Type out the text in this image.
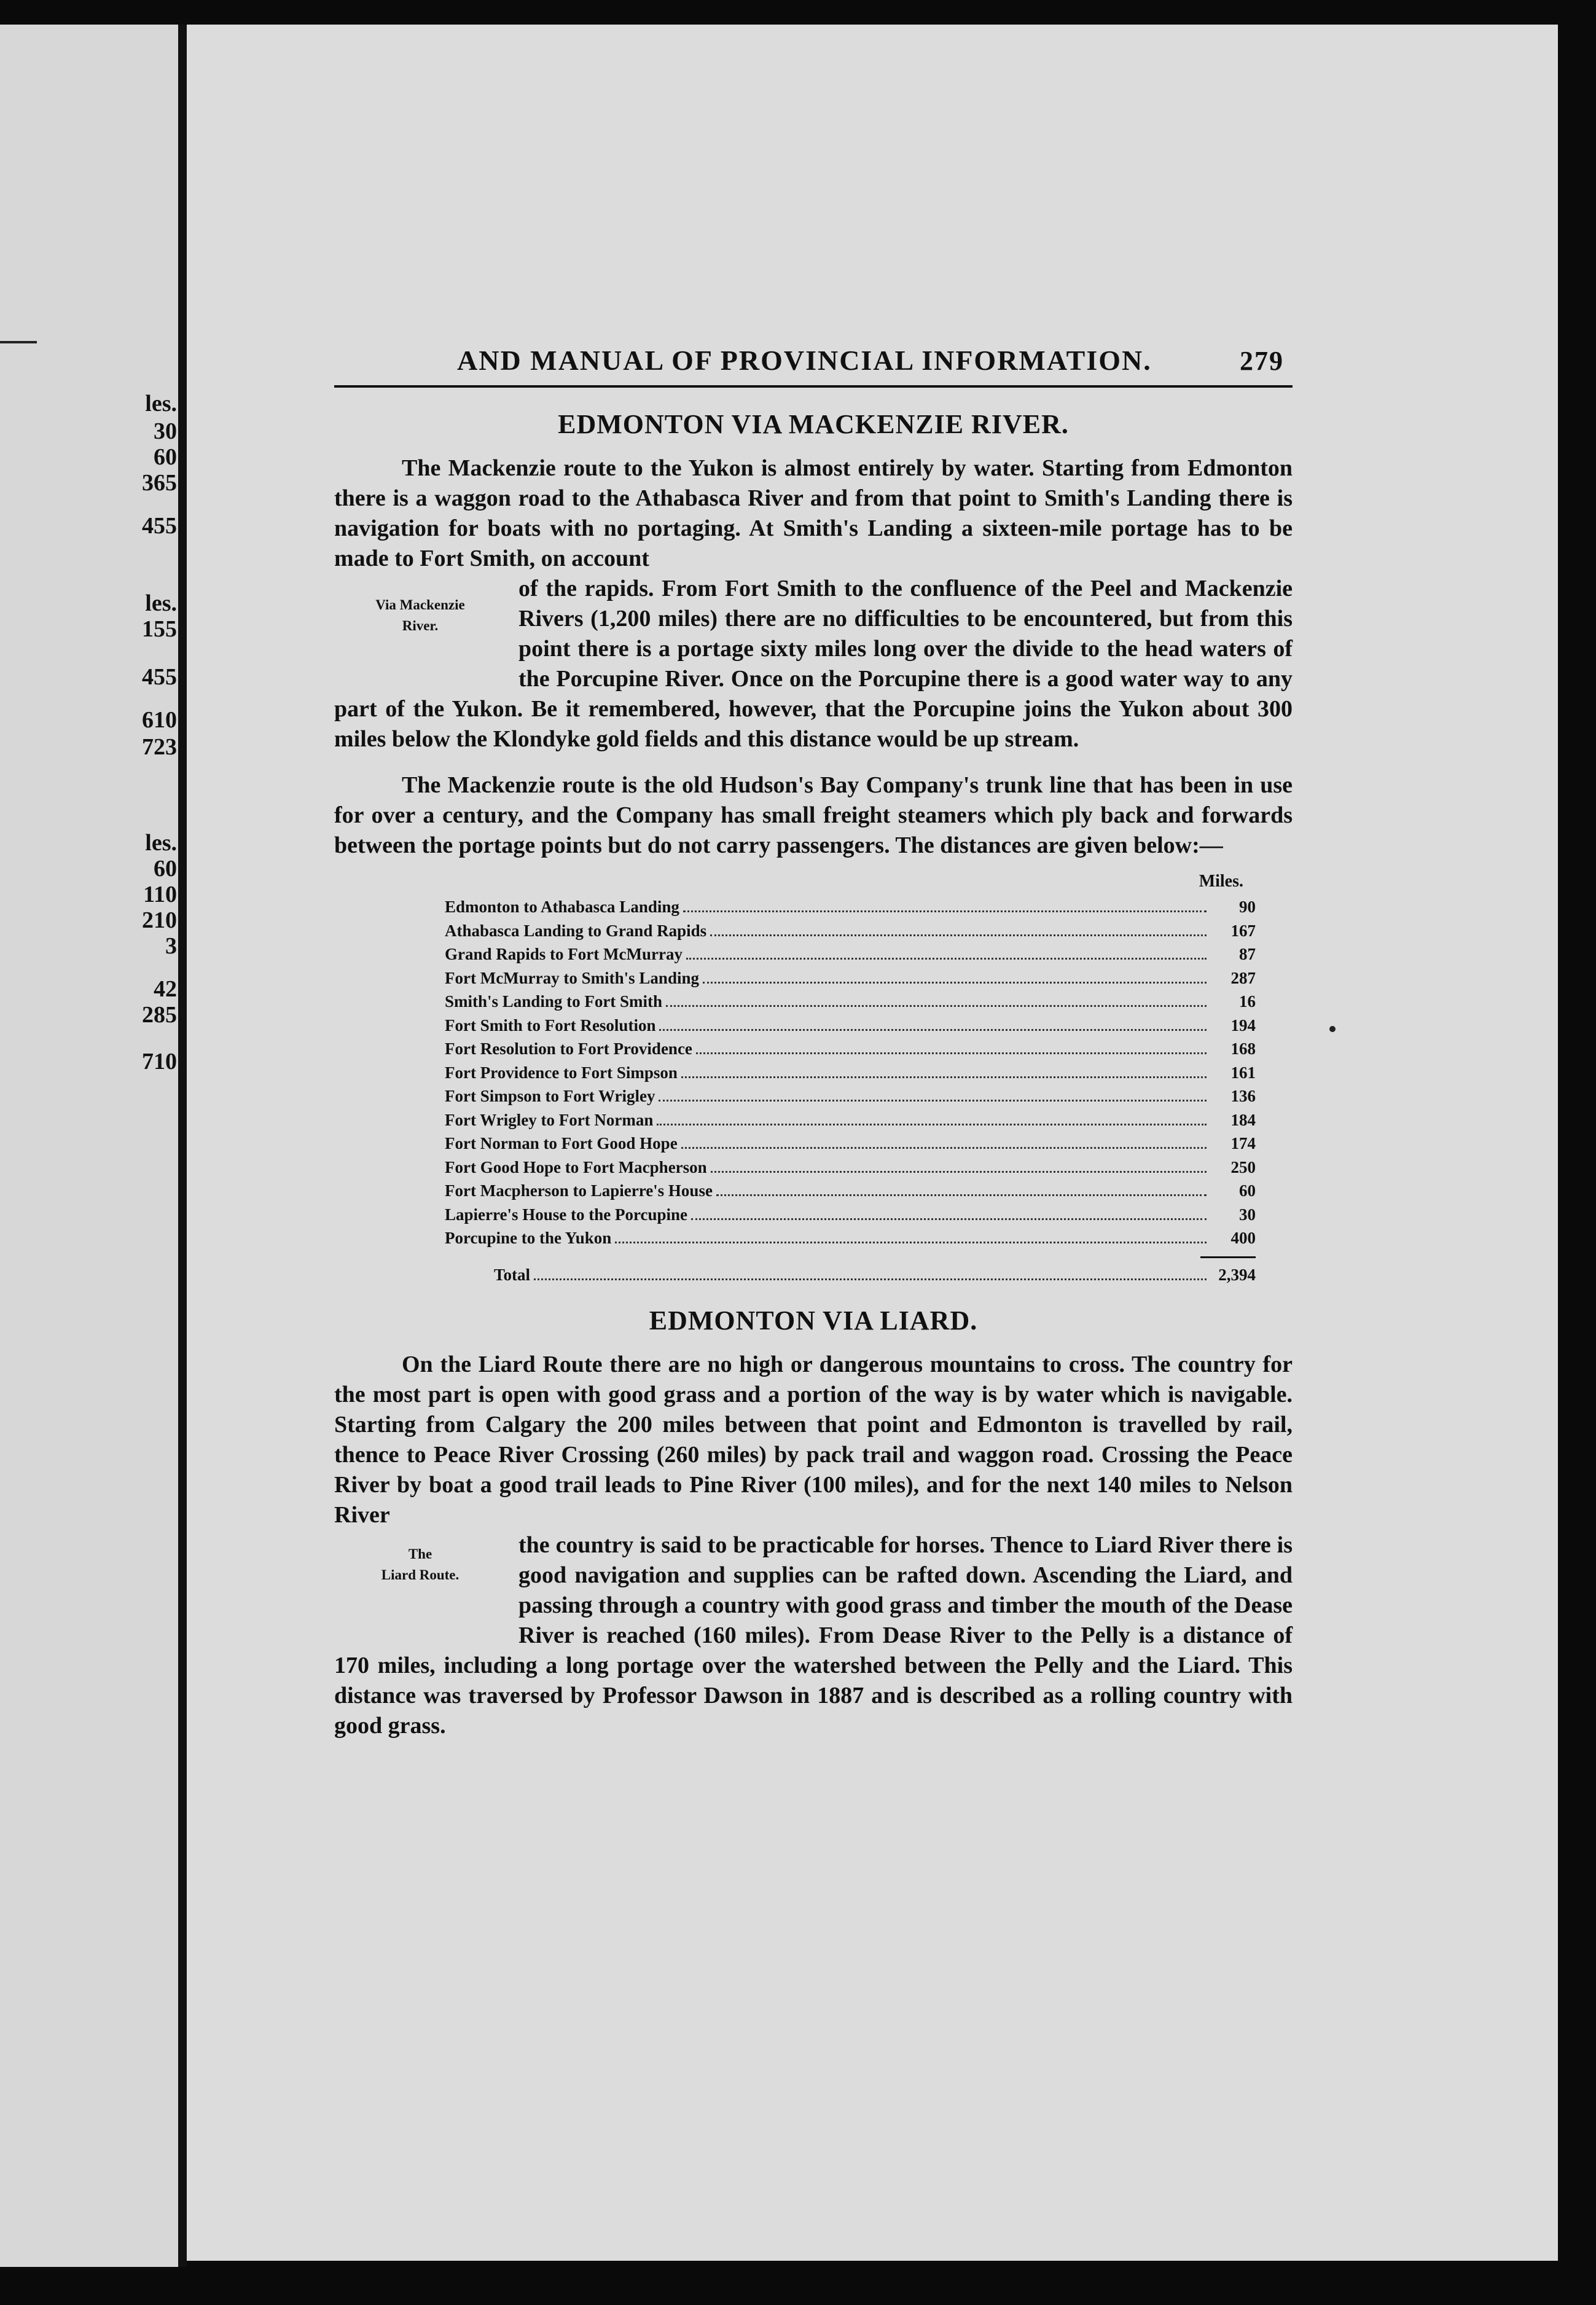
les.
30
60
365
455
les.
155
455
610
723
les.
60
110
210
3
42
285
710
AND MANUAL OF PROVINCIAL INFORMATION.	279
EDMONTON VIA MACKENZIE RIVER.

The Mackenzie route to the Yukon is almost entirely by water. Starting from Edmonton there is a waggon road to the Athabasca River and from that point to Smith's Landing there is navigation for boats with no portaging. At Smith's Landing a sixteen-mile portage has to be made to Fort Smith, on account

Via Mackenzie
River.

of the rapids. From Fort Smith to the confluence of the Peel and Mackenzie Rivers (1,200 miles) there are no difficulties to be encountered, but from this point there is a portage sixty miles long over the divide to the head waters of the Porcupine River. Once on the Porcupine there is a good water way to any part of the Yukon. Be it remembered, however, that the Porcupine joins the Yukon about 300 miles below the Klondyke gold fields and this distance would be up stream.

The Mackenzie route is the old Hudson's Bay Company's trunk line that has been in use for over a century, and the Company has small freight steamers which ply back and forwards between the portage points but do not carry passengers. The distances are given below:—

Miles.
Edmonton to Athabasca Landing	90
Athabasca Landing to Grand Rapids	167
Grand Rapids to Fort McMurray	87
Fort McMurray to Smith's Landing	287
Smith's Landing to Fort Smith	16
Fort Smith to Fort Resolution	194
Fort Resolution to Fort Providence	168
Fort Providence to Fort Simpson	161
Fort Simpson to Fort Wrigley	136
Fort Wrigley to Fort Norman	184
Fort Norman to Fort Good Hope	174
Fort Good Hope to Fort Macpherson	250
Fort Macpherson to Lapierre's House	60
Lapierre's House to the Porcupine	30
Porcupine to the Yukon	400
Total	2,394
EDMONTON VIA LIARD.

On the Liard Route there are no high or dangerous mountains to cross. The country for the most part is open with good grass and a portion of the way is by water which is navigable. Starting from Calgary the 200 miles between that point and Edmonton is travelled by rail, thence to Peace River Crossing (260 miles) by pack trail and waggon road. Crossing the Peace River by boat a good trail leads to Pine River (100 miles), and for the next 140 miles to Nelson River

The
Liard Route.

the country is said to be practicable for horses. Thence to Liard River there is good navigation and supplies can be rafted down. Ascending the Liard, and passing through a country with good grass and timber the mouth of the Dease River is reached (160 miles). From Dease River to the Pelly is a distance of 170 miles, including a long portage over the watershed between the Pelly and the Liard. This distance was traversed by Professor Dawson in 1887 and is described as a rolling country with good grass.
